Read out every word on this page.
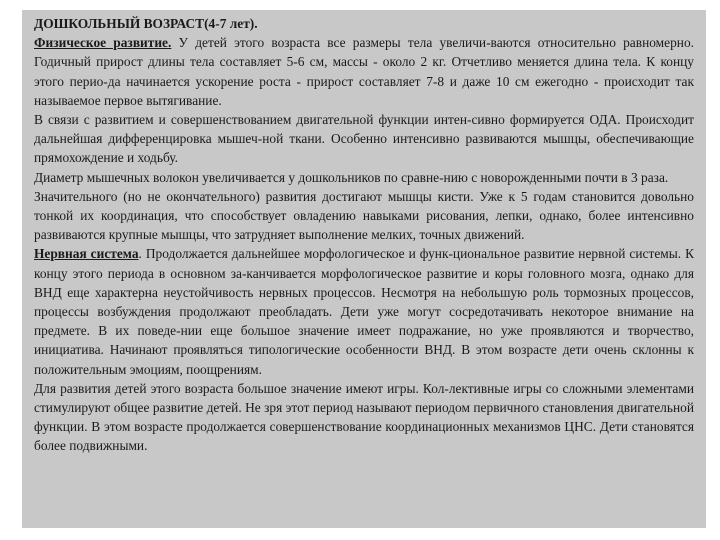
ДОШКОЛЬНЫЙ ВОЗРАСТ(4-7 лет).

Физическое развитие. У детей этого возраста все размеры тела увеличи-ваются относительно равномерно. Годичный прирост длины тела составляет 5-6 см, массы - около 2 кг. Отчетливо меняется длина тела. К концу этого перио-да начинается ускорение роста - прирост составляет 7-8 и даже 10 см ежегодно - происходит так называемое первое вытягивание.

В связи с развитием и совершенствованием двигательной функции интен-сивно формируется ОДА. Происходит дальнейшая дифференцировка мышеч-ной ткани. Особенно интенсивно развиваются мышцы, обеспечивающие прямохождение и ходьбу.

Диаметр мышечных волокон увеличивается у дошкольников по сравне-нию с новорожденными почти в 3 раза.

Значительного (но не окончательного) развития достигают мышцы кисти. Уже к 5 годам становится довольно тонкой их координация, что способствует овладению навыками рисования, лепки, однако, более интенсивно развиваются крупные мышцы, что затрудняет выполнение мелких, точных движений.

Нервная система. Продолжается дальнейшее морфологическое и функ-циональное развитие нервной системы. К концу этого периода в основном за-канчивается морфологическое развитие и коры головного мозга, однако для ВНД еще характерна неустойчивость нервных процессов. Несмотря на небольшую роль тормозных процессов, процессы возбуждения продолжают преобладать. Дети уже могут сосредотачивать некоторое внимание на предмете. В их поведе-нии еще большое значение имеет подражание, но уже проявляются и творчество, инициатива. Начинают проявляться типологические особенности ВНД. В этом возрасте дети очень склонны к положительным эмоциям, поощрениям.

Для развития детей этого возраста большое значение имеют игры. Кол-лективные игры со сложными элементами стимулируют общее развитие детей. Не зря этот период называют периодом первичного становления двигательной функции. В этом возрасте продолжается совершенствование координационных механизмов ЦНС. Дети становятся более подвижными.
